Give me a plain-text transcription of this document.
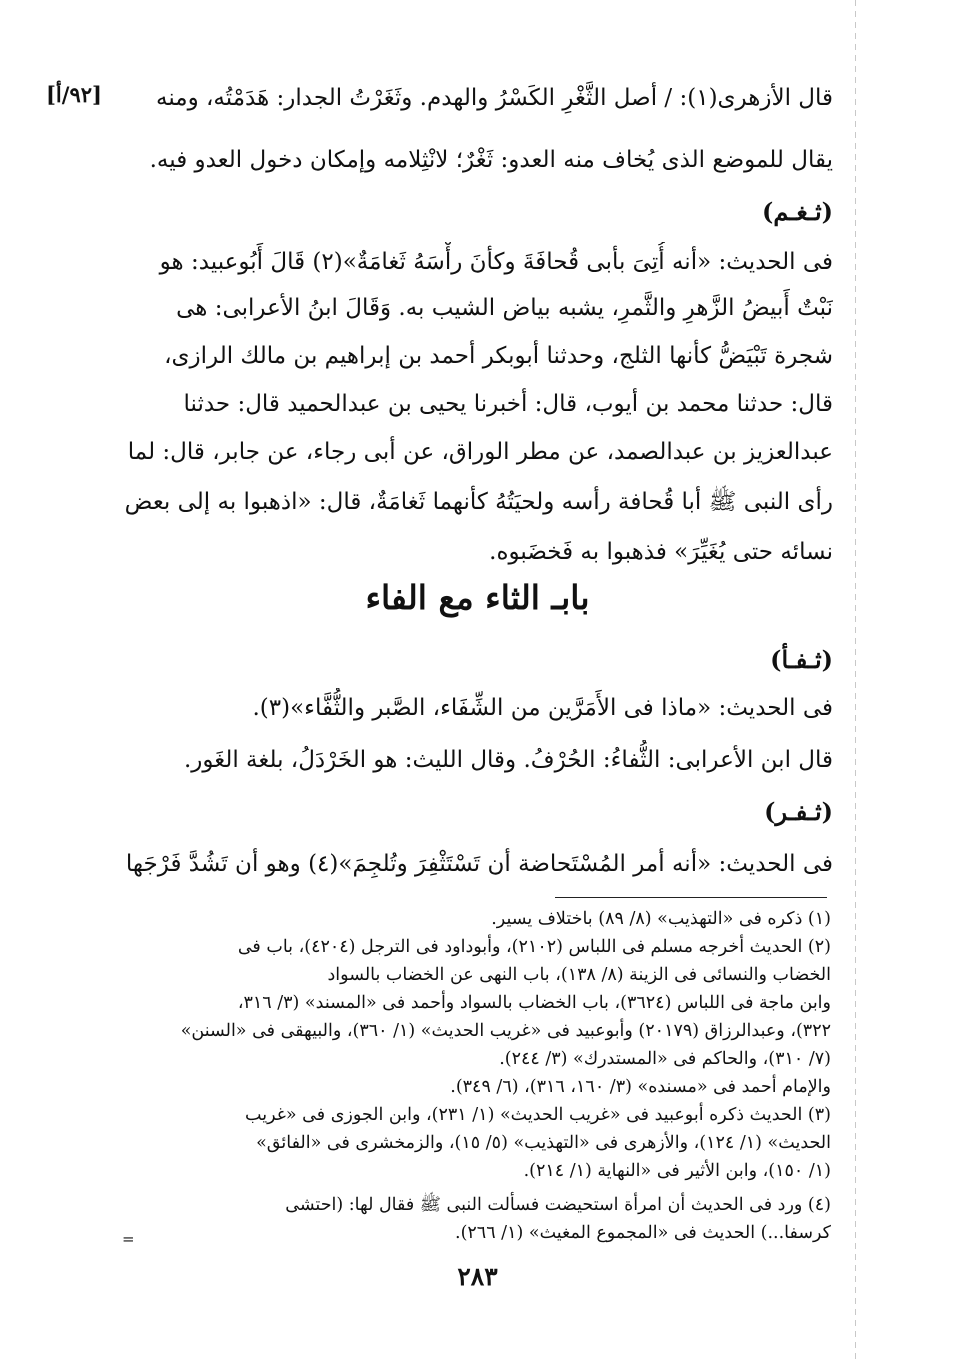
[٩٢/أ]	قال الأزهرى(١): / أصل الثَّغْرِ الكَسْرُ والهدم. وثَغَرْتُ الجدار: هَدَمْتُه، ومنه
يقال للموضع الذى يُخاف منه العدو: ثَغْرٌ؛ لانْثِلامه وإمكان دخول العدو فيه.
(ثـغـم)
فى الحديث: «أنه أُتِىَ بأبى قُحافَةَ وكأنَ رأْسَهُ ثَغامَةٌ»(٢) قَالَ أَبُوعبيد: هو
نَبْتٌ أَبيضُ الزَّهرِ والثَّمرِ، يشبه بياض الشيب به. وَقَالَ ابنُ الأعرابى: هى
شجرة تَبْيَضُّ كأنها الثلج، وحدثنا أبوبكر أحمد بن إبراهيم بن مالك الرازى،
قال: حدثنا محمد بن أيوب، قال: أخبرنا يحيى بن عبدالحميد قال: حدثنا
عبدالعزيز بن عبدالصمد، عن مطر الوراق، عن أبى رجاء، عن جابر، قال: لما
رأى النبى ﷺ أبا قُحافة رأسه ولحيَتُهُ كأنهما ثَغامَةٌ، قال: «اذهبوا به إلى بعض
نسائه حتى يُغَيِّرَ» فذهبوا به فَخضَبوه.
بابـ الثاء مع الفاء
(ثـفـأ)
فى الحديث: «ماذا فى الأَمَرَّين من الشِّفَاء، الصَّبر والثُّفَّاء»(٣).
قال ابن الأعرابى: الثُّفاءُ: الحُرْفُ. وقال الليث: هو الخَرْدَلُ، بلغة الغَور.
(ثـفـر)
فى الحديث: «أنه أمر المُسْتَحاضة أن تَسْتَثْفِرَ وتُلجِمَ»(٤) وهو أن تَشُدَّ فَرْجَها
(١) ذكره فى «التهذيب» (٨/ ٨٩) باختلاف يسير.
(٢) الحديث أخرجه مسلم فى اللباس (٢١٠٢)، وأبوداود فى الترجل (٤٢٠٤)، باب فى
الخضاب والنسائى فى الزينة (٨/ ١٣٨)، باب النهى عن الخضاب بالسواد
وابن ماجة فى اللباس (٣٦٢٤)، باب الخضاب بالسواد وأحمد فى «المسند» (٣/ ٣١٦،
٣٢٢)، وعبدالرزاق (٢٠١٧٩) وأبوعبيد فى «غريب الحديث» (١/ ٣٦٠)، والبيهقى فى «السنن»
(٧/ ٣١٠)، والحاكم فى «المستدرك» (٣/ ٢٤٤).
والإمام أحمد فى «مسنده» (٣/ ١٦٠، ٣١٦)، (٦/ ٣٤٩).
(٣) الحديث ذكره أبوعبيد فى «غريب الحديث» (١/ ٢٣١)، وابن الجوزى فى «غريب
الحديث» (١/ ١٢٤)، والأزهرى فى «التهذيب» (٥/ ١٥)، والزمخشرى فى «الفائق»
(١/ ١٥٠)، وابن الأثير فى «النهاية (١/ ٢١٤).
(٤) ورد فى الحديث أن امرأة استحيضت فسألت النبى ﷺ فقال لها: (احتشى
كرسفا...) الحديث فى «المجموع المغيث» (١/ ٢٦٦).
=
٢٨٣
